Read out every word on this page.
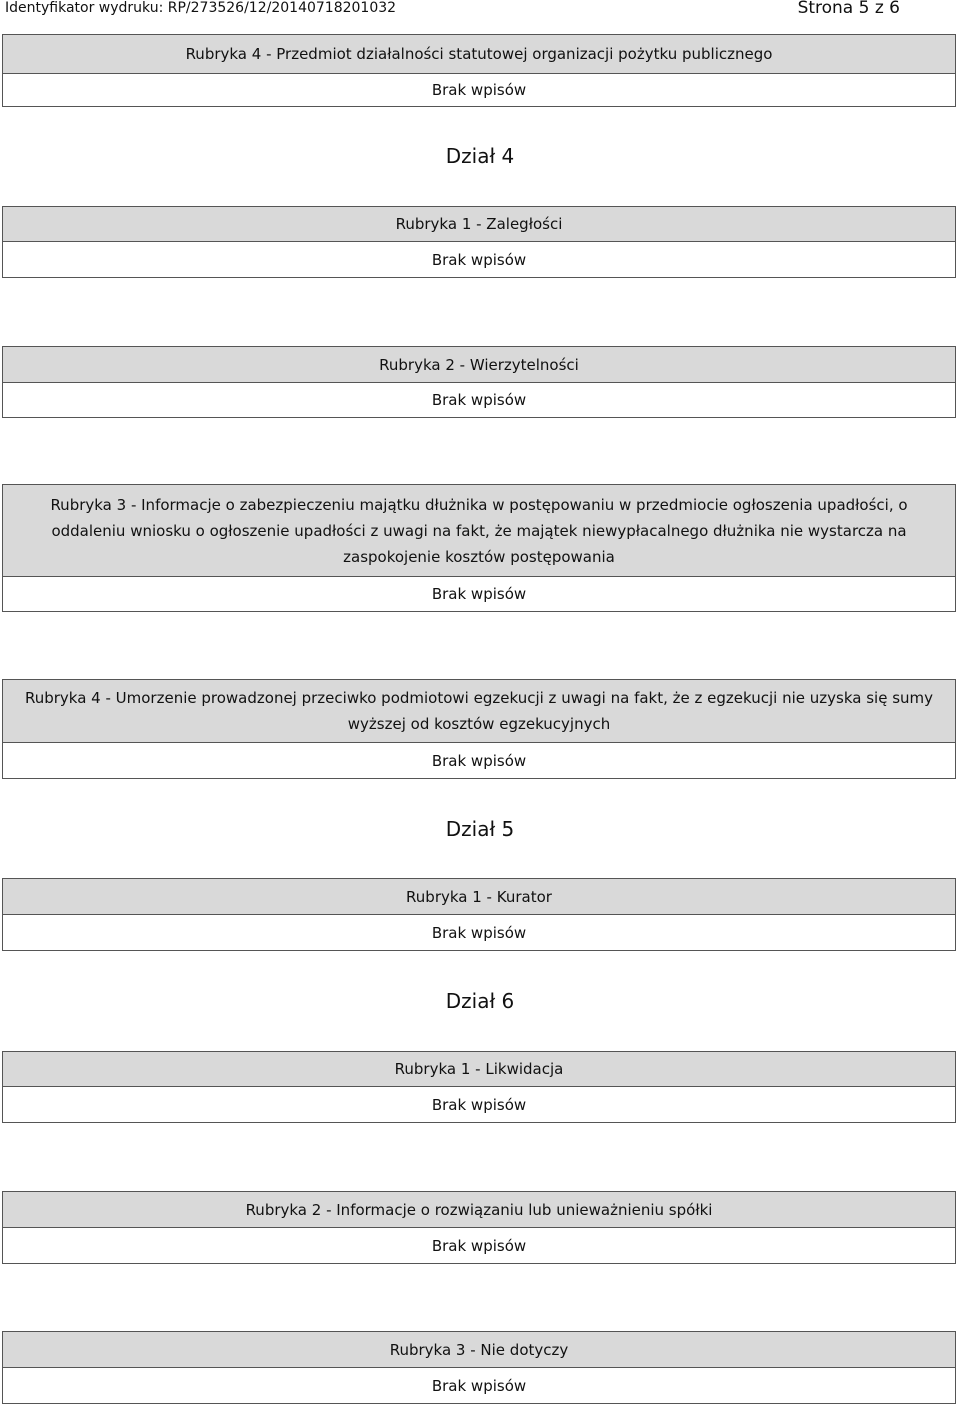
Identyfikator wydruku: RP/273526/12/20140718201032	Strona 5 z 6
Rubryka 4 - Przedmiot działalności statutowej organizacji pożytku publicznego
Brak wpisów
Dział 4
Rubryka 1 - Zaległości
Brak wpisów
Rubryka 2 - Wierzytelności
Brak wpisów
Rubryka 3 - Informacje o zabezpieczeniu majątku dłużnika w postępowaniu w przedmiocie ogłoszenia upadłości, o oddaleniu wniosku o ogłoszenie upadłości z uwagi na fakt, że majątek niewypłacalnego dłużnika nie wystarcza na zaspokojenie kosztów postępowania
Brak wpisów
Rubryka 4 - Umorzenie prowadzonej przeciwko podmiotowi egzekucji z uwagi na fakt, że z egzekucji nie uzyska się sumy wyższej od kosztów egzekucyjnych
Brak wpisów
Dział 5
Rubryka 1 - Kurator
Brak wpisów
Dział 6
Rubryka 1 - Likwidacja
Brak wpisów
Rubryka 2 - Informacje o rozwiązaniu lub unieważnieniu spółki
Brak wpisów
Rubryka 3 - Nie dotyczy
Brak wpisów
